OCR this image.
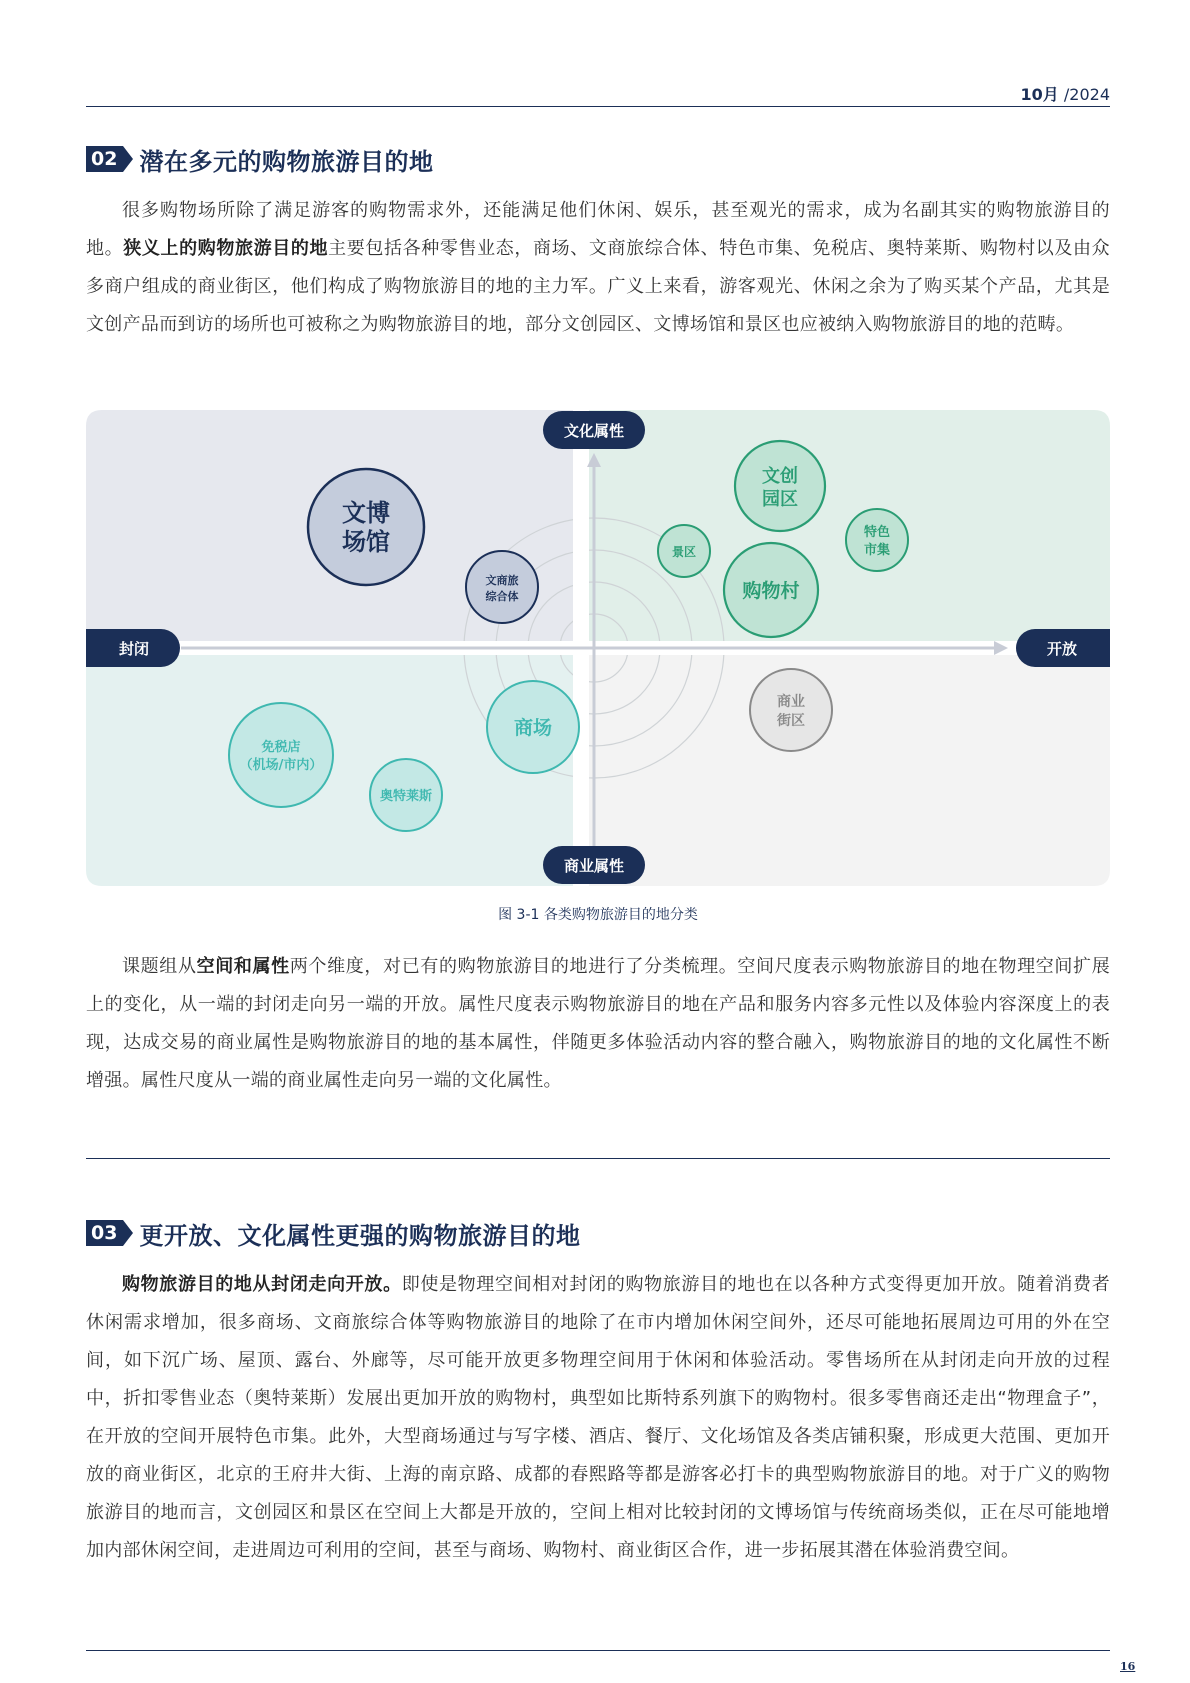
10月 /2024
02 潜在多元的购物旅游目的地
很多购物场所除了满足游客的购物需求外，还能满足他们休闲、娱乐，甚至观光的需求，成为名副其实的购物旅游目的地。狭义上的购物旅游目的地主要包括各种零售业态，商场、文商旅综合体、特色市集、免税店、奥特莱斯、购物村以及由众多商户组成的商业街区，他们构成了购物旅游目的地的主力军。广义上来看，游客观光、休闲之余为了购买某个产品，尤其是文创产品而到访的场所也可被称之为购物旅游目的地，部分文创园区、文博场馆和景区也应被纳入购物旅游目的地的范畴。
文化属性
商业属性
封闭	开放
文博
场馆
文商旅
综合体
文创
园区
景区
特色
市集
购物村
商场
免税店
（机场/市内）
奥特莱斯
商业
街区
图 3-1 各类购物旅游目的地分类
课题组从空间和属性两个维度，对已有的购物旅游目的地进行了分类梳理。空间尺度表示购物旅游目的地在物理空间扩展上的变化，从一端的封闭走向另一端的开放。属性尺度表示购物旅游目的地在产品和服务内容多元性以及体验内容深度上的表现，达成交易的商业属性是购物旅游目的地的基本属性，伴随更多体验活动内容的整合融入，购物旅游目的地的文化属性不断增强。属性尺度从一端的商业属性走向另一端的文化属性。
03 更开放、文化属性更强的购物旅游目的地
购物旅游目的地从封闭走向开放。即使是物理空间相对封闭的购物旅游目的地也在以各种方式变得更加开放。随着消费者休闲需求增加，很多商场、文商旅综合体等购物旅游目的地除了在市内增加休闲空间外，还尽可能地拓展周边可用的外在空间，如下沉广场、屋顶、露台、外廊等，尽可能开放更多物理空间用于休闲和体验活动。零售场所在从封闭走向开放的过程中，折扣零售业态（奥特莱斯）发展出更加开放的购物村，典型如比斯特系列旗下的购物村。很多零售商还走出“物理盒子”，在开放的空间开展特色市集。此外，大型商场通过与写字楼、酒店、餐厅、文化场馆及各类店铺积聚，形成更大范围、更加开放的商业街区，北京的王府井大街、上海的南京路、成都的春熙路等都是游客必打卡的典型购物旅游目的地。对于广义的购物旅游目的地而言，文创园区和景区在空间上大都是开放的，空间上相对比较封闭的文博场馆与传统商场类似，正在尽可能地增加内部休闲空间，走进周边可利用的空间，甚至与商场、购物村、商业街区合作，进一步拓展其潜在体验消费空间。
16
